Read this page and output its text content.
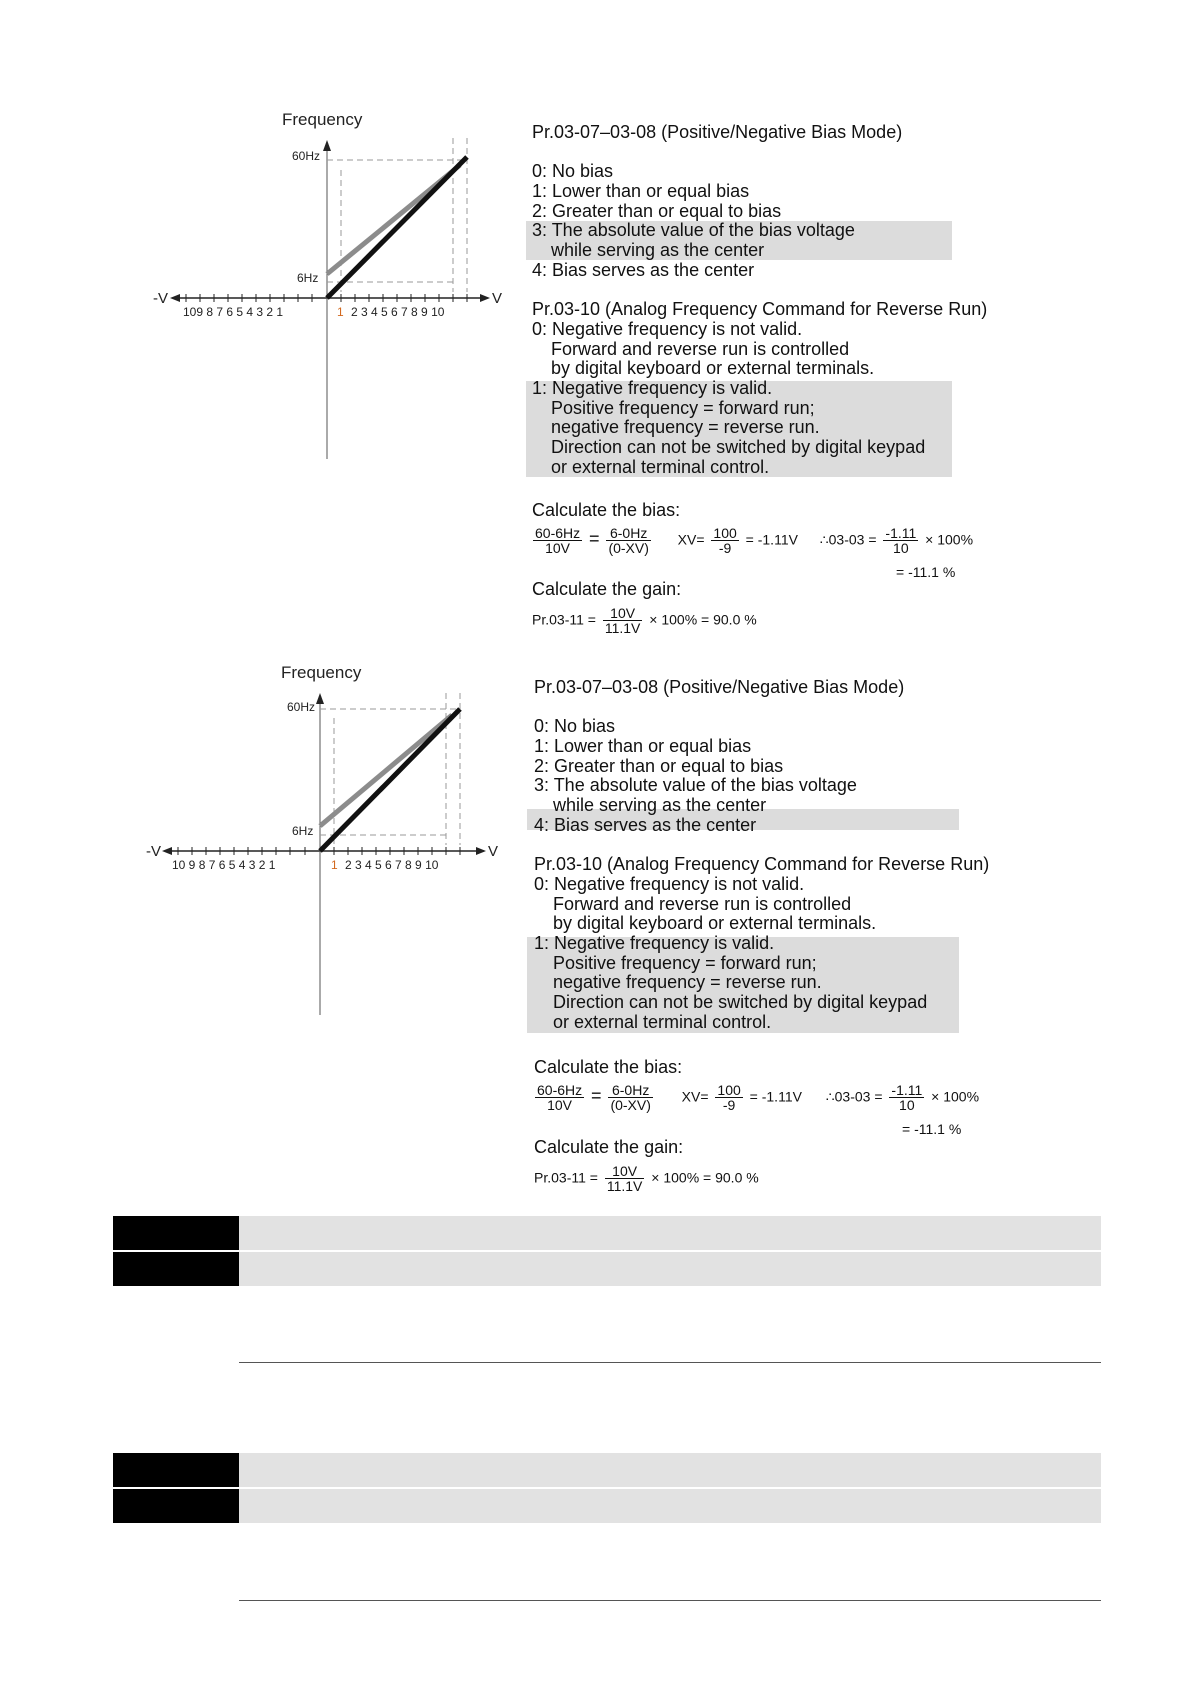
Frequency
60Hz
6Hz
-V	V
109 8 7 6 5 4 3 2 1	1 2 3 4 5 6 7 8 9 10
Pr.03-07–03-08 (Positive/Negative Bias Mode)
0: No bias
1: Lower than or equal bias
2: Greater than or equal to bias
3: The absolute value of the bias voltage
while serving as the center
4: Bias serves as the center
Pr.03-10 (Analog Frequency Command for Reverse Run)
0: Negative frequency is not valid.
Forward and reverse run is controlled
by digital keyboard or external terminals.
1: Negative frequency is valid.
Positive frequency = forward run;
negative frequency = reverse run.
Direction can not be switched by digital keypad
or external terminal control.
Calculate the bias:
$\frac{60-6Hz}{10V} = \frac{6-0Hz}{(0-XV)} XV= \frac{100}{-9} = -1.11V$ ∴03-03 = $\frac{-1.11}{10} \times 100\%$
= -11.1 %
Calculate the gain:
$Pr.03-11 = \frac{10V}{11.1V} \times 100\% = 90.0$ %
Frequency
60Hz
6Hz
-V	V
10 9 8 7 6 5 4 3 2 1	1 2 3 4 5 6 7 8 9 10
Pr.03-07–03-08 (Positive/Negative Bias Mode)
0: No bias
1: Lower than or equal bias
2: Greater than or equal to bias
3: The absolute value of the bias voltage
while serving as the center
4: Bias serves as the center
Pr.03-10 (Analog Frequency Command for Reverse Run)
0: Negative frequency is not valid.
Forward and reverse run is controlled
by digital keyboard or external terminals.
1: Negative frequency is valid.
Positive frequency = forward run;
negative frequency = reverse run.
Direction can not be switched by digital keypad
or external terminal control.
Calculate the bias:
$\frac{60-6Hz}{10V} = \frac{6-0Hz}{(0-XV)} XV= \frac{100}{-9} = -1.11V$ ∴03-03 = $\frac{-1.11}{10} \times 100\%$
= -11.1 %
Calculate the gain:
$Pr.03-11 = \frac{10V}{11.1V} \times 100\% = 90.0$ %
